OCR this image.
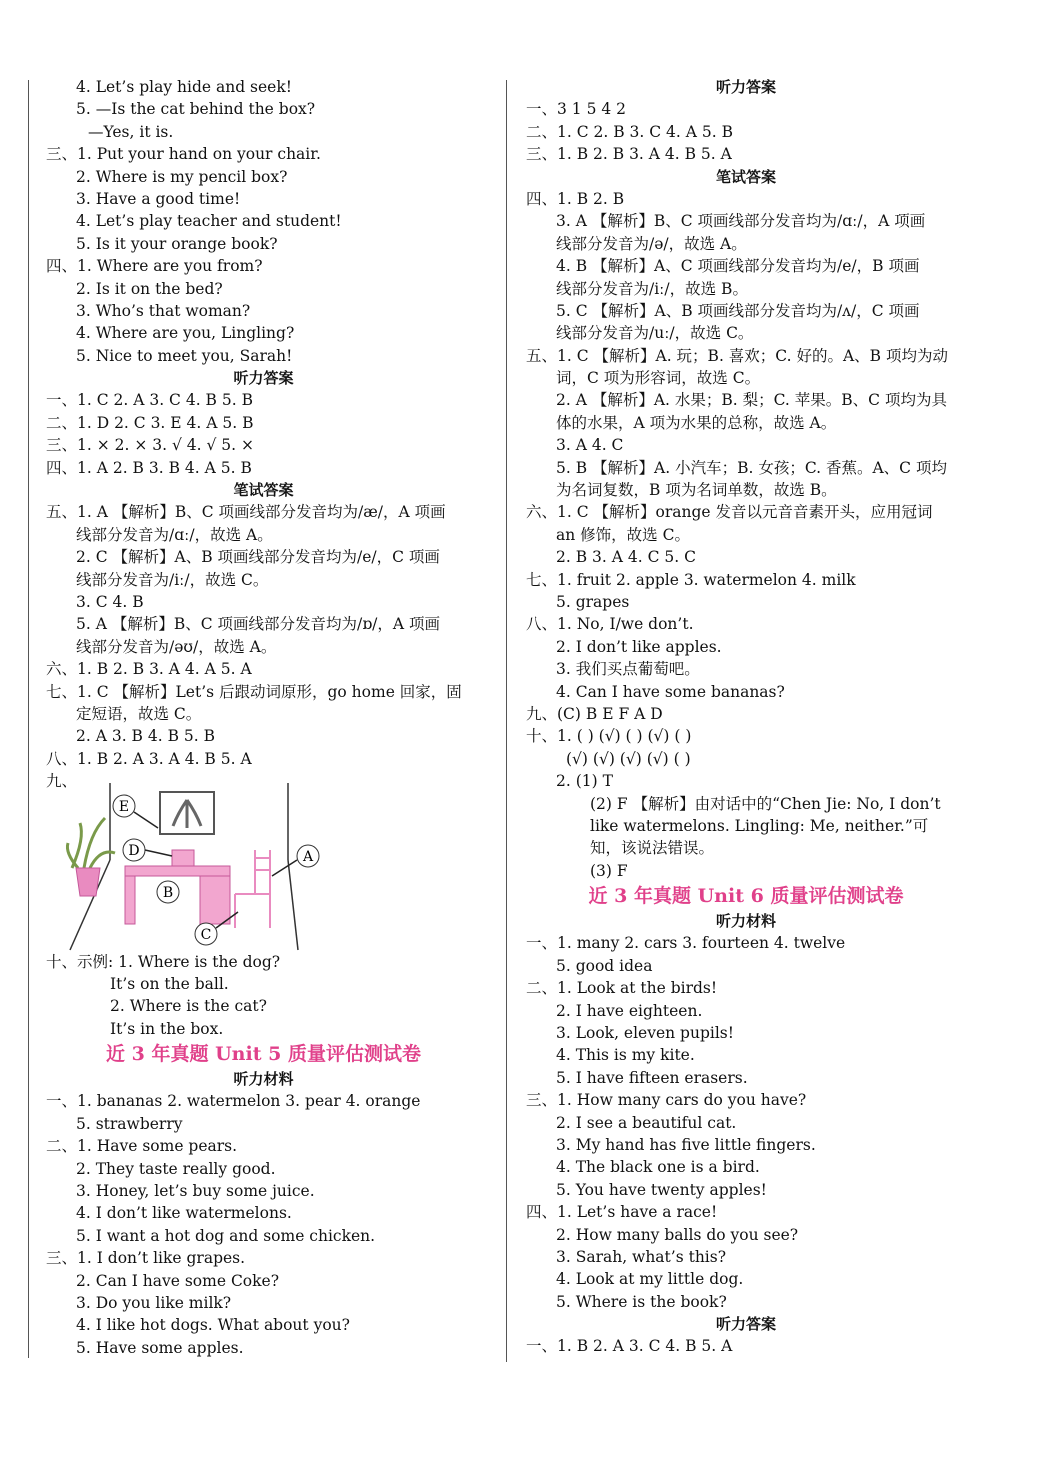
4. Let’s play hide and seek!
5. —Is the cat behind the box?
—Yes, it is.
三、1. Put your hand on your chair.
2. Where is my pencil box?
3. Have a good time!
4. Let’s play teacher and student!
5. Is it your orange book?
四、1. Where are you from?
2. Is it on the bed?
3. Who’s that woman?
4. Where are you, Lingling?
5. Nice to meet you, Sarah!
听力答案
一、1. C 2. A 3. C 4. B 5. B
二、1. D 2. C 3. E 4. A 5. B
三、1. × 2. × 3. √ 4. √ 5. ×
四、1. A 2. B 3. B 4. A 5. B
笔试答案
五、1. A 【解析】B、C 项画线部分发音均为/æ/，A 项画
线部分发音为/ɑː/，故选 A。
2. C 【解析】A、B 项画线部分发音均为/e/，C 项画
线部分发音为/iː/，故选 C。
3. C 4. B
5. A 【解析】B、C 项画线部分发音均为/ɒ/，A 项画
线部分发音为/əʊ/，故选 A。
六、1. B 2. B 3. A 4. A 5. A
七、1. C 【解析】Let’s 后跟动词原形，go home 回家，固
定短语，故选 C。
2. A 3. B 4. B 5. B
八、1. B 2. A 3. A 4. B 5. A
九、
十、示例: 1. Where is the dog?
It’s on the ball.
2. Where is the cat?
It’s in the box.
近 3 年真题 Unit 5 质量评估测试卷
听力材料
一、1. bananas 2. watermelon 3. pear 4. orange
5. strawberry
二、1. Have some pears.
2. They taste really good.
3. Honey, let’s buy some juice.
4. I don’t like watermelons.
5. I want a hot dog and some chicken.
三、1. I don’t like grapes.
2. Can I have some Coke?
3. Do you like milk?
4. I like hot dogs. What about you?
5. Have some apples.
E
D
B
A
C
听力答案
一、3 1 5 4 2
二、1. C 2. B 3. C 4. A 5. B
三、1. B 2. B 3. A 4. B 5. A
笔试答案
四、1. B 2. B
3. A 【解析】B、C 项画线部分发音均为/ɑː/，A 项画
线部分发音为/ə/，故选 A。
4. B 【解析】A、C 项画线部分发音均为/e/，B 项画
线部分发音为/iː/，故选 B。
5. C 【解析】A、B 项画线部分发音均为/ʌ/，C 项画
线部分发音为/uː/，故选 C。
五、1. C 【解析】A. 玩；B. 喜欢；C. 好的。A、B 项均为动
词，C 项为形容词，故选 C。
2. A 【解析】A. 水果；B. 梨；C. 苹果。B、C 项均为具
体的水果，A 项为水果的总称，故选 A。
3. A 4. C
5. B 【解析】A. 小汽车；B. 女孩；C. 香蕉。A、C 项均
为名词复数，B 项为名词单数，故选 B。
六、1. C 【解析】orange 发音以元音音素开头，应用冠词
an 修饰，故选 C。
2. B 3. A 4. C 5. C
七、1. fruit 2. apple 3. watermelon 4. milk
5. grapes
八、1. No, I/we don’t.
2. I don’t like apples.
3. 我们买点葡萄吧。
4. Can I have some bananas?
九、(C) B E F A D
十、1. ( ) (√) ( ) (√) ( )
(√) (√) (√) (√) ( )
2. (1) T
(2) F 【解析】由对话中的“Chen Jie: No, I don’t
like watermelons. Lingling: Me, neither.”可
知，该说法错误。
(3) F
近 3 年真题 Unit 6 质量评估测试卷
听力材料
一、1. many 2. cars 3. fourteen 4. twelve
5. good idea
二、1. Look at the birds!
2. I have eighteen.
3. Look, eleven pupils!
4. This is my kite.
5. I have fifteen erasers.
三、1. How many cars do you have?
2. I see a beautiful cat.
3. My hand has five little fingers.
4. The black one is a bird.
5. You have twenty apples!
四、1. Let’s have a race!
2. How many balls do you see?
3. Sarah, what’s this?
4. Look at my little dog.
5. Where is the book?
听力答案
一、1. B 2. A 3. C 4. B 5. A
